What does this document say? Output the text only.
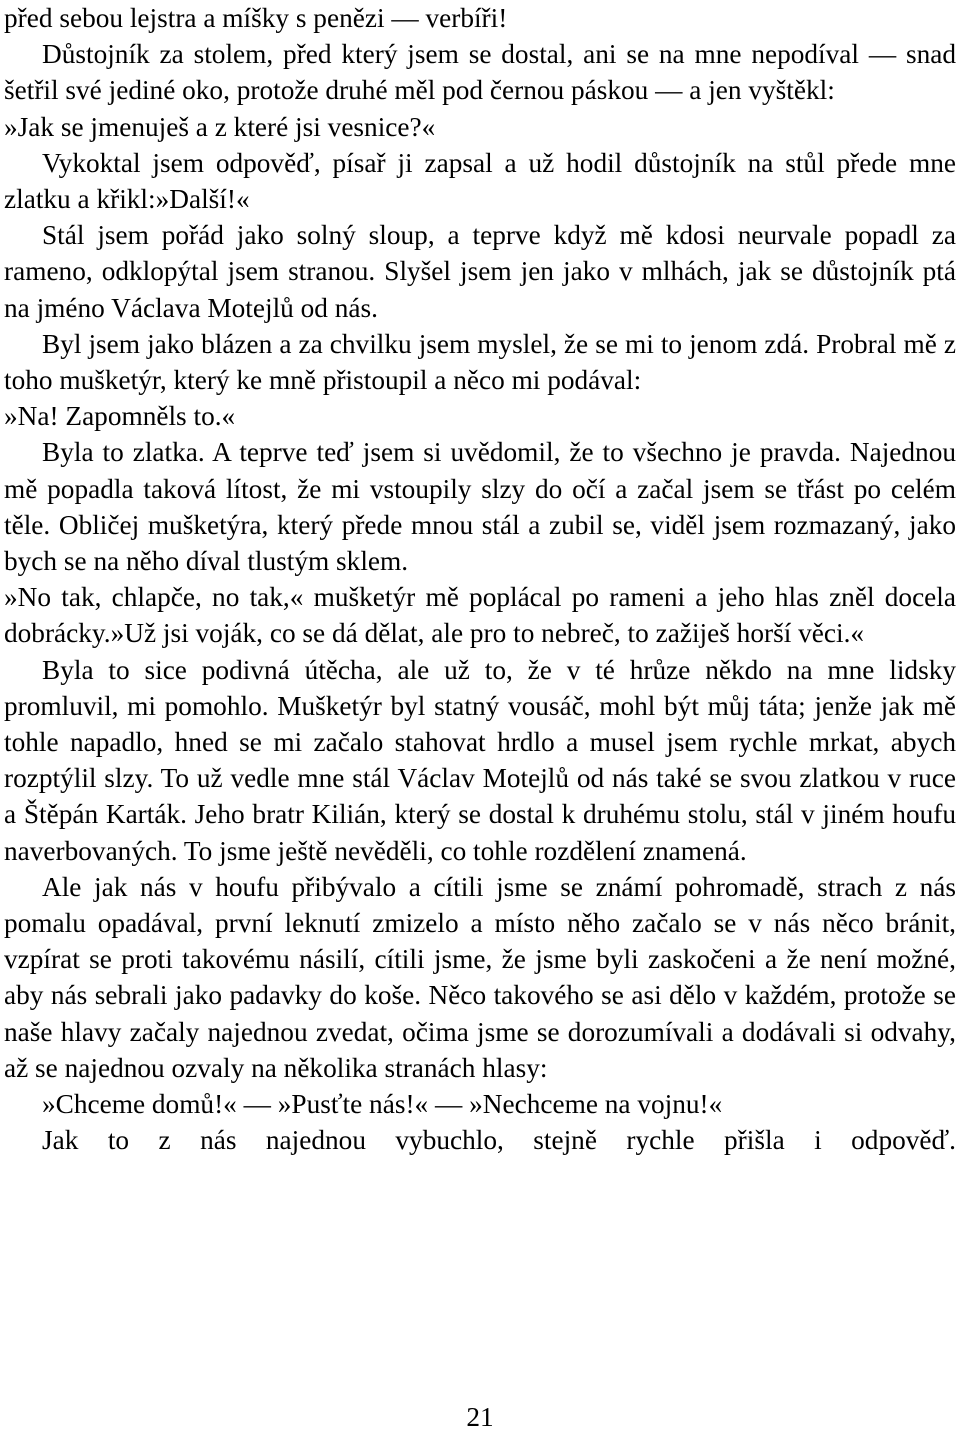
před sebou lejstra a míšky s penězi — verbíři!

Důstojník za stolem, před který jsem se dostal, ani se na mne nepodíval — snad šetřil své jediné oko, protože druhé měl pod černou páskou — a jen vyštěkl:

»Jak se jmenuješ a z které jsi vesnice?«

Vykoktal jsem odpověď, písař ji zapsal a už hodil důstojník na stůl přede mne zlatku a křikl:»Další!«

Stál jsem pořád jako solný sloup, a teprve když mě kdosi neurvale popadl za rameno, odklopýtal jsem stranou. Slyšel jsem jen jako v mlhách, jak se důstojník ptá na jméno Václava Motejlů od nás.

Byl jsem jako blázen a za chvilku jsem myslel, že se mi to jenom zdá. Probral mě z toho mušketýr, který ke mně přistoupil a něco mi podával:

»Na! Zapomněls to.«

Byla to zlatka. A teprve teď jsem si uvědomil, že to všechno je pravda. Najednou mě popadla taková lítost, že mi vstoupily slzy do očí a začal jsem se třást po celém těle. Obličej mušketýra, který přede mnou stál a zubil se, viděl jsem rozmazaný, jako bych se na něho díval tlustým sklem.

»No tak, chlapče, no tak,« mušketýr mě poplácal po rameni a jeho hlas zněl docela dobrácky.»Už jsi voják, co se dá dělat, ale pro to nebreč, to zažiješ horší věci.«

Byla to sice podivná útěcha, ale už to, že v té hrůze někdo na mne lidsky promluvil, mi pomohlo. Mušketýr byl statný vousáč, mohl být můj táta; jenže jak mě tohle napadlo, hned se mi začalo stahovat hrdlo a musel jsem rychle mrkat, abych rozptýlil slzy. To už vedle mne stál Václav Motejlů od nás také se svou zlatkou v ruce a Štěpán Karták. Jeho bratr Kilián, který se dostal k druhému stolu, stál v jiném houfu naverbovaných. To jsme ještě nevěděli, co tohle rozdělení znamená.

Ale jak nás v houfu přibývalo a cítili jsme se známí pohromadě, strach z nás pomalu opadával, první leknutí zmizelo a místo něho začalo se v nás něco bránit, vzpírat se proti takovému násilí, cítili jsme, že jsme byli zaskočeni a že není možné, aby nás sebrali jako padavky do koše. Něco takového se asi dělo v každém, protože se naše hlavy začaly najednou zvedat, očima jsme se dorozumívali a dodávali si odvahy, až se najednou ozvaly na několika stranách hlasy:

»Chceme domů!« — »Pusťte nás!« — »Nechceme na vojnu!«

Jak to z nás najednou vybuchlo, stejně rychle přišla i odpověď.

21
